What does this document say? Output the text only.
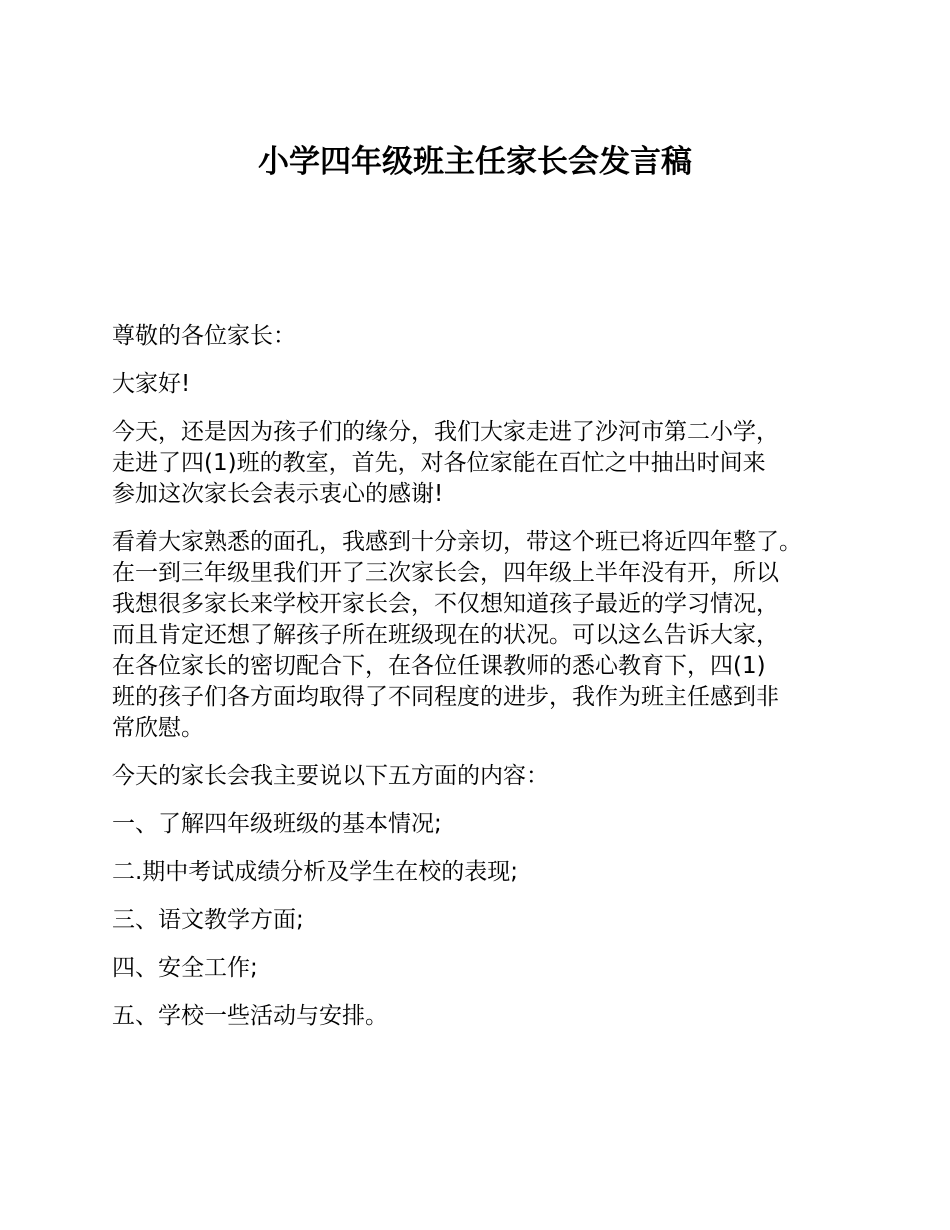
小学四年级班主任家长会发言稿

尊敬的各位家长：

大家好!

今天，还是因为孩子们的缘分，我们大家走进了沙河市第二小学，
走进了四(1)班的教室，首先，对各位家能在百忙之中抽出时间来
参加这次家长会表示衷心的感谢!

看着大家熟悉的面孔，我感到十分亲切，带这个班已将近四年整了。
在一到三年级里我们开了三次家长会，四年级上半年没有开，所以
我想很多家长来学校开家长会，不仅想知道孩子最近的学习情况，
而且肯定还想了解孩子所在班级现在的状况。可以这么告诉大家，
在各位家长的密切配合下，在各位任课教师的悉心教育下，四(1)
班的孩子们各方面均取得了不同程度的进步，我作为班主任感到非
常欣慰。

今天的家长会我主要说以下五方面的内容：

一、了解四年级班级的基本情况;

二.期中考试成绩分析及学生在校的表现;

三、语文教学方面;

四、安全工作;

五、学校一些活动与安排。
